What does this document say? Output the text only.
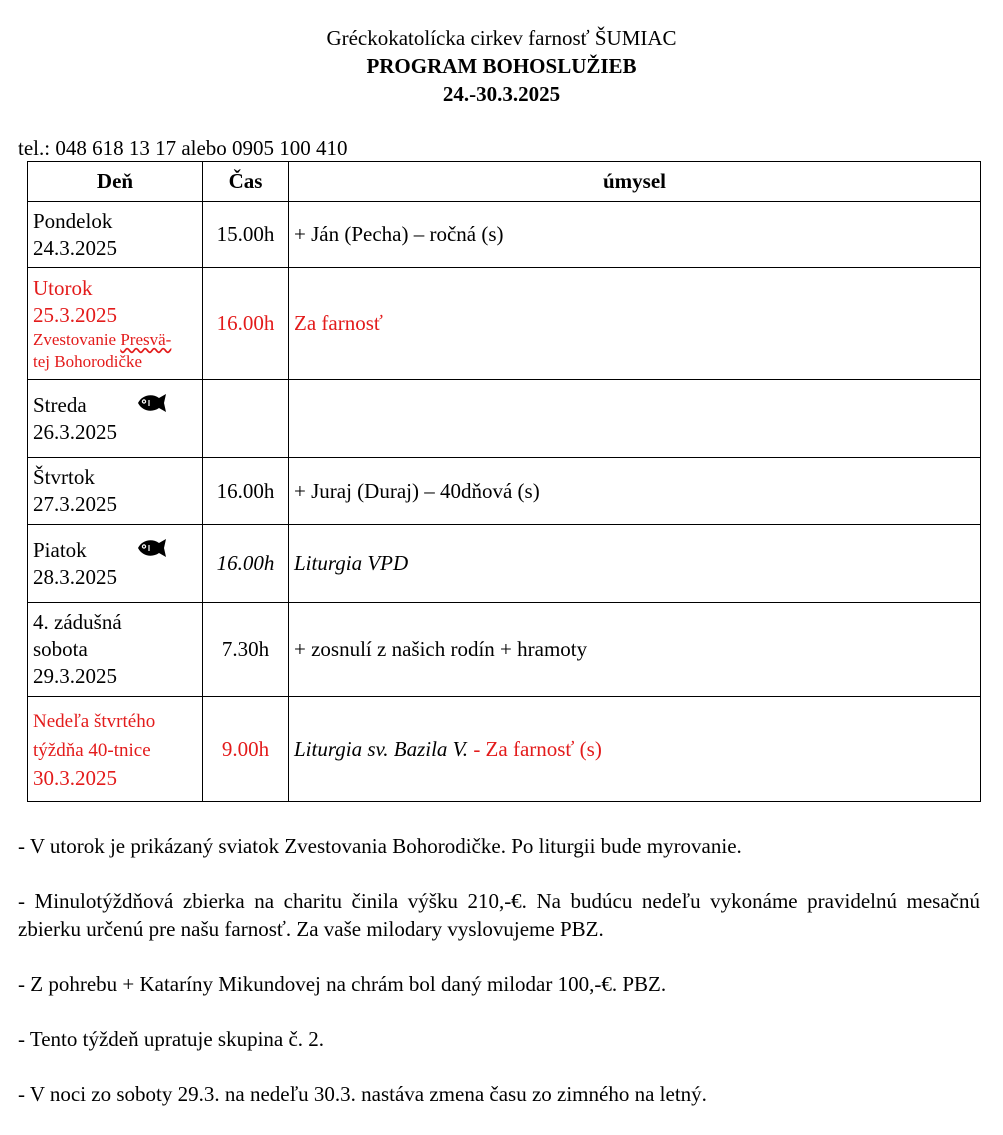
Gréckokatolícka cirkev farnosť ŠUMIAC
PROGRAM BOHOSLUŽIEB
24.-30.3.2025
tel.: 048 618 13 17 alebo 0905 100 410
Deň	Čas	úmysel

Pondelok
24.3.2025	15.00h	+ Ján (Pecha) – ročná (s)

Utorok
25.3.2025
Zvestovanie Presvä-
tej Bohorodičke	16.00h	Za farnosť

Streda
26.3.2025		

Štvrtok
27.3.2025	16.00h	+ Juraj (Duraj) – 40dňová (s)

Piatok
28.3.2025	16.00h	Liturgia VPD

4. zádušná
sobota
29.3.2025	7.30h	+ zosnulí z našich rodín + hramoty

Nedeľa štvrtého
týždňa 40-tnice
30.3.2025	9.00h	Liturgia sv. Bazila V. - Za farnosť (s)

- V utorok je prikázaný sviatok Zvestovania Bohorodičke. Po liturgii bude myrovanie.

- Minulotýždňová zbierka na charitu činila výšku 210,-€. Na budúcu nedeľu vykonáme pravidelnú mesačnú zbierku určenú pre našu farnosť. Za vaše milodary vyslovujeme PBZ.

- Z pohrebu + Kataríny Mikundovej na chrám bol daný milodar 100,-€. PBZ.

- Tento týždeň upratuje skupina č. 2.

- V noci zo soboty 29.3. na nedeľu 30.3. nastáva zmena času zo zimného na letný.
